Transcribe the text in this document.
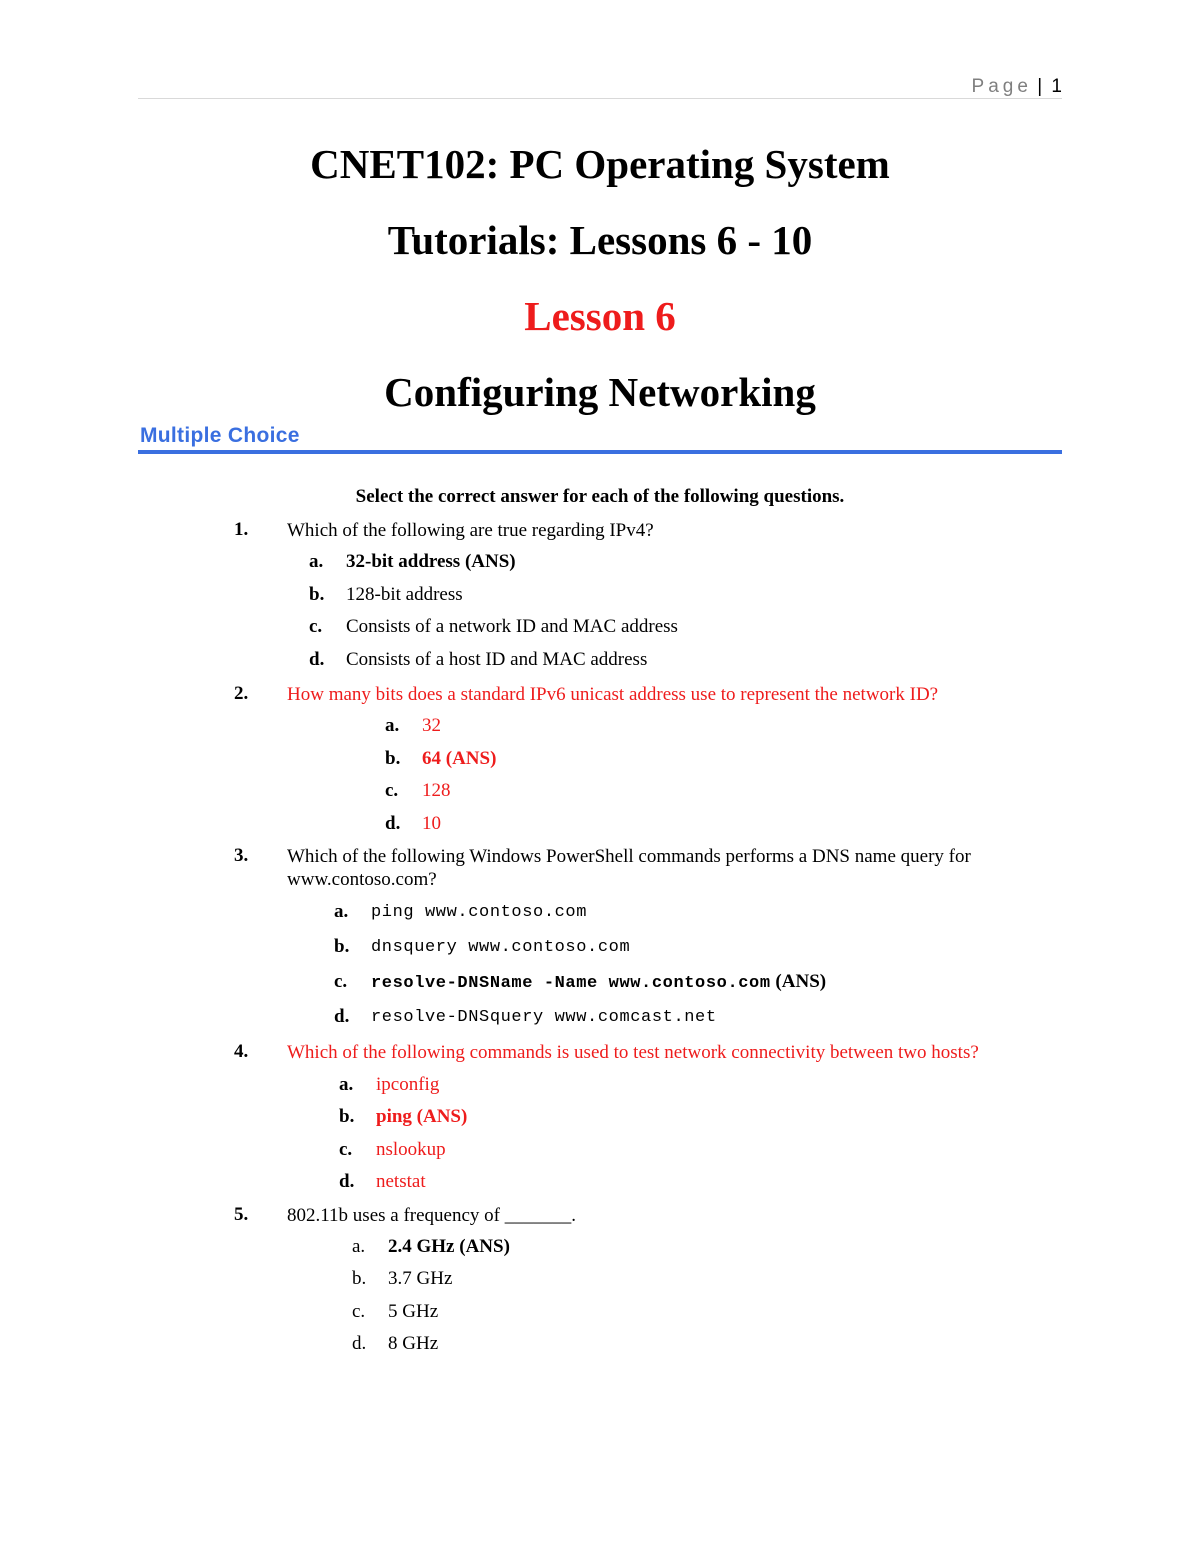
Page | 1
CNET102: PC Operating System
Tutorials: Lessons 6 - 10
Lesson 6
Configuring Networking
Multiple Choice
Select the correct answer for each of the following questions.
1. Which of the following are true regarding IPv4?
a. 32-bit address (ANS)
b. 128-bit address
c. Consists of a network ID and MAC address
d. Consists of a host ID and MAC address
2. How many bits does a standard IPv6 unicast address use to represent the network ID?
a. 32
b. 64 (ANS)
c. 128
d. 10
3. Which of the following Windows PowerShell commands performs a DNS name query for www.contoso.com?
a. ping www.contoso.com
b. dnsquery www.contoso.com
c. resolve-DNSName -Name www.contoso.com (ANS)
d. resolve-DNSquery www.comcast.net
4. Which of the following commands is used to test network connectivity between two hosts?
a. ipconfig
b. ping (ANS)
c. nslookup
d. netstat
5. 802.11b uses a frequency of _______.
a. 2.4 GHz (ANS)
b. 3.7 GHz
c. 5 GHz
d. 8 GHz
